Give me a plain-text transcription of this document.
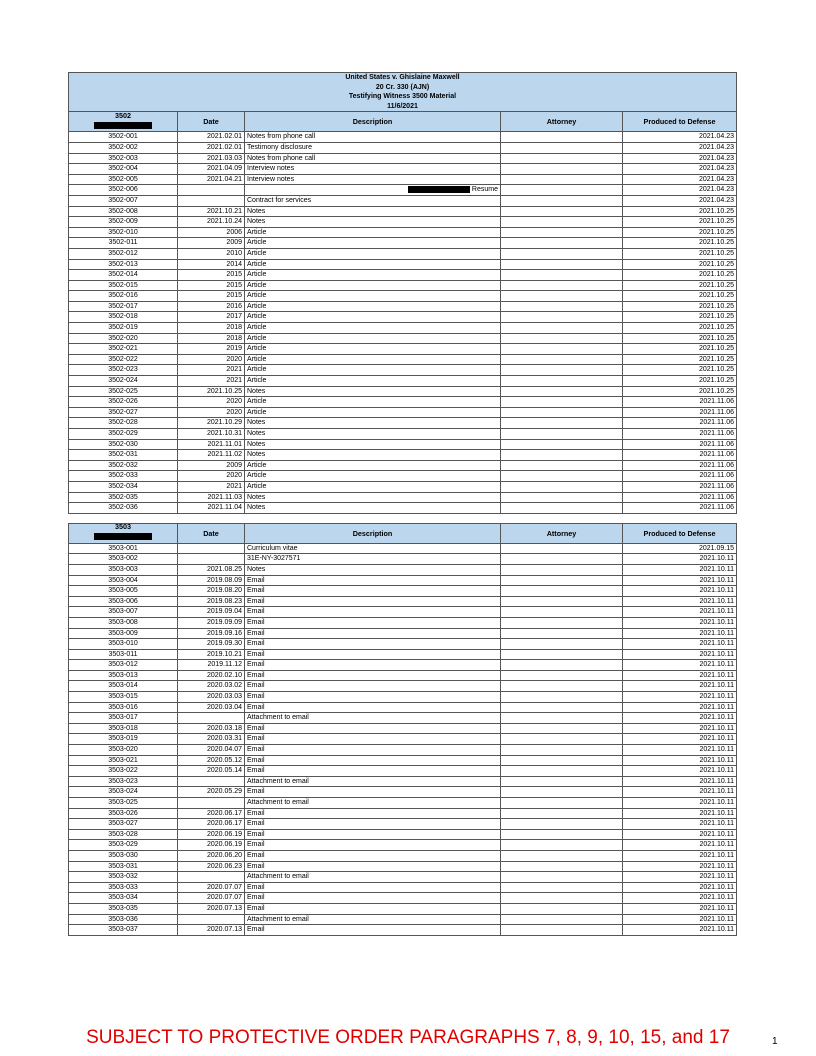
United States v. Ghislaine Maxwell
20 Cr. 330 (AJN)
Testifying Witness 3500 Material
11/6/2021
3502	Date	Description	Attorney	Produced to Defense
3502-001	2021.02.01	Notes from phone call		2021.04.23
3502-002	2021.02.01	Testimony disclosure		2021.04.23
3502-003	2021.03.03	Notes from phone call		2021.04.23
3502-004	2021.04.09	Interview notes		2021.04.23
3502-005	2021.04.21	Interview notes		2021.04.23
3502-006		Resume		2021.04.23
3502-007		Contract for services		2021.04.23
3502-008	2021.10.21	Notes		2021.10.25
3502-009	2021.10.24	Notes		2021.10.25
3502-010	2006	Article		2021.10.25
3502-011	2009	Article		2021.10.25
3502-012	2010	Article		2021.10.25
3502-013	2014	Article		2021.10.25
3502-014	2015	Article		2021.10.25
3502-015	2015	Article		2021.10.25
3502-016	2015	Article		2021.10.25
3502-017	2016	Article		2021.10.25
3502-018	2017	Article		2021.10.25
3502-019	2018	Article		2021.10.25
3502-020	2018	Article		2021.10.25
3502-021	2019	Article		2021.10.25
3502-022	2020	Article		2021.10.25
3502-023	2021	Article		2021.10.25
3502-024	2021	Article		2021.10.25
3502-025	2021.10.25	Notes		2021.10.25
3502-026	2020	Article		2021.11.06
3502-027	2020	Article		2021.11.06
3502-028	2021.10.29	Notes		2021.11.06
3502-029	2021.10.31	Notes		2021.11.06
3502-030	2021.11.01	Notes		2021.11.06
3502-031	2021.11.02	Notes		2021.11.06
3502-032	2009	Article		2021.11.06
3502-033	2020	Article		2021.11.06
3502-034	2021	Article		2021.11.06
3502-035	2021.11.03	Notes		2021.11.06
3502-036	2021.11.04	Notes		2021.11.06
3503	Date	Description	Attorney	Produced to Defense
3503-001		Curriculum vitae		2021.09.15
3503-002		31E-NY-3027571		2021.10.11
3503-003	2021.08.25	Notes		2021.10.11
3503-004	2019.08.09	Email		2021.10.11
3503-005	2019.08.20	Email		2021.10.11
3503-006	2019.08.23	Email		2021.10.11
3503-007	2019.09.04	Email		2021.10.11
3503-008	2019.09.09	Email		2021.10.11
3503-009	2019.09.16	Email		2021.10.11
3503-010	2019.09.30	Email		2021.10.11
3503-011	2019.10.21	Email		2021.10.11
3503-012	2019.11.12	Email		2021.10.11
3503-013	2020.02.10	Email		2021.10.11
3503-014	2020.03.02	Email		2021.10.11
3503-015	2020.03.03	Email		2021.10.11
3503-016	2020.03.04	Email		2021.10.11
3503-017		Attachment to email		2021.10.11
3503-018	2020.03.18	Email		2021.10.11
3503-019	2020.03.31	Email		2021.10.11
3503-020	2020.04.07	Email		2021.10.11
3503-021	2020.05.12	Email		2021.10.11
3503-022	2020.05.14	Email		2021.10.11
3503-023		Attachment to email		2021.10.11
3503-024	2020.05.29	Email		2021.10.11
3503-025		Attachment to email		2021.10.11
3503-026	2020.06.17	Email		2021.10.11
3503-027	2020.06.17	Email		2021.10.11
3503-028	2020.06.19	Email		2021.10.11
3503-029	2020.06.19	Email		2021.10.11
3503-030	2020.06.20	Email		2021.10.11
3503-031	2020.06.23	Email		2021.10.11
3503-032		Attachment to email		2021.10.11
3503-033	2020.07.07	Email		2021.10.11
3503-034	2020.07.07	Email		2021.10.11
3503-035	2020.07.13	Email		2021.10.11
3503-036		Attachment to email		2021.10.11
3503-037	2020.07.13	Email		2021.10.11
SUBJECT TO PROTECTIVE ORDER PARAGRAPHS 7, 8, 9, 10, 15, and 17	1
